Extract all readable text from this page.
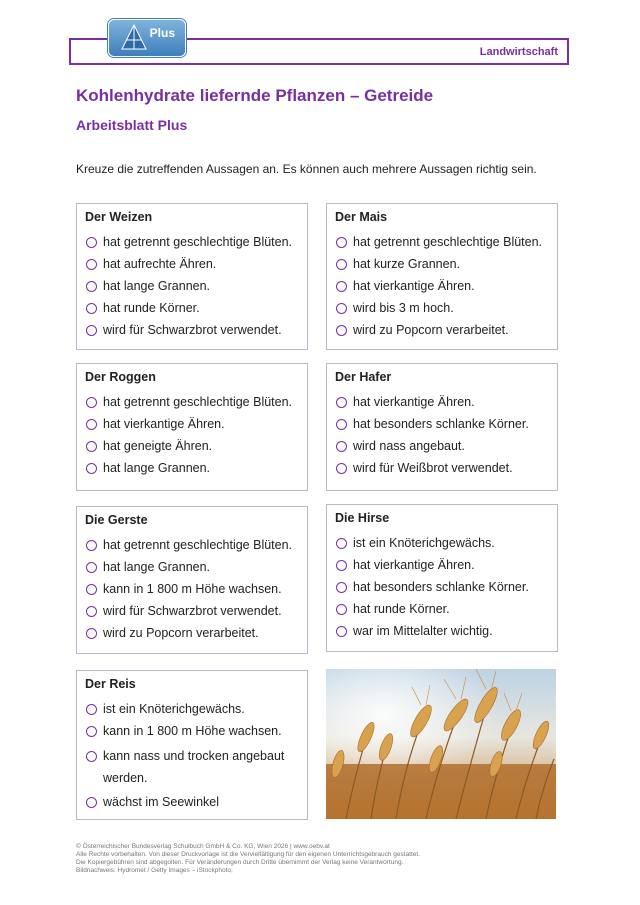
Landwirtschaft
Plus
Kohlenhydrate liefernde Pflanzen – Getreide
Arbeitsblatt Plus
Kreuze die zutreffenden Aussagen an. Es können auch mehrere Aussagen richtig sein.
Der Weizen
hat getrennt geschlechtige Blüten.
hat aufrechte Ähren.
hat lange Grannen.
hat runde Körner.
wird für Schwarzbrot verwendet.
Der Mais
hat getrennt geschlechtige Blüten.
hat kurze Grannen.
hat vierkantige Ähren.
wird bis 3 m hoch.
wird zu Popcorn verarbeitet.
Der Roggen
hat getrennt geschlechtige Blüten.
hat vierkantige Ähren.
hat geneigte Ähren.
hat lange Grannen.
Der Hafer
hat vierkantige Ähren.
hat besonders schlanke Körner.
wird nass angebaut.
wird für Weißbrot verwendet.
Die Gerste
hat getrennt geschlechtige Blüten.
hat lange Grannen.
kann in 1 800 m Höhe wachsen.
wird für Schwarzbrot verwendet.
wird zu Popcorn verarbeitet.
Die Hirse
ist ein Knöterichgewächs.
hat vierkantige Ähren.
hat besonders schlanke Körner.
hat runde Körner.
war im Mittelalter wichtig.
Der Reis
ist ein Knöterichgewächs.
kann in 1 800 m Höhe wachsen.
kann nass und trocken angebaut werden.
wächst im Seewinkel
© Österreichischer Bundesverlag Schulbuch GmbH & Co. KG, Wien 2026 | www.oebv.at
Alle Rechte vorbehalten. Von dieser Druckvorlage ist die Vervielfältigung für den eigenen Unterrichtsgebrauch gestattet.
Die Kopiergebühren sind abgegolten. Für Veränderungen durch Dritte übernimmt der Verlag keine Verantwortung.
Bildnachweis: Hydromet / Getty Images – iStockphoto;
